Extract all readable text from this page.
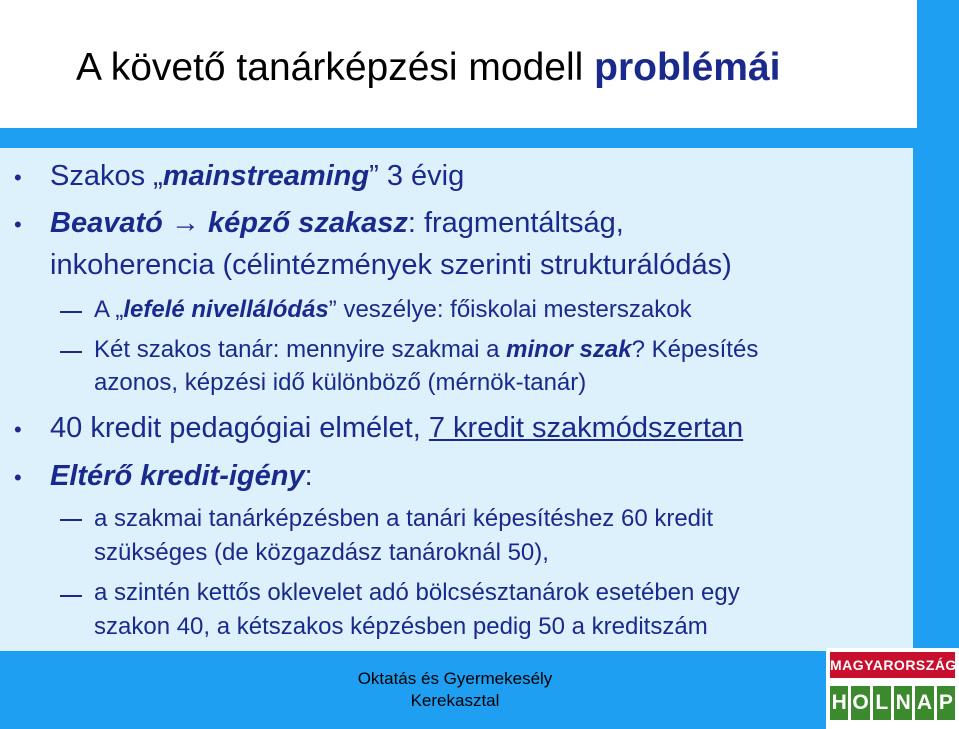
A követő tanárképzési modell problémái
• Szakos „mainstreaming” 3 évig
• Beavató → képző szakasz: fragmentáltság,
inkoherencia (célintézmények szerinti strukturálódás)
A „lefelé nivellálódás” veszélye: főiskolai mesterszakok
Két szakos tanár: mennyire szakmai a minor szak? Képesítés
azonos, képzési idő különböző (mérnök-tanár)
• 40 kredit pedagógiai elmélet, 7 kredit szakmódszertan
• Eltérő kredit-igény:
a szakmai tanárképzésben a tanári képesítéshez 60 kredit
szükséges (de közgazdász tanároknál 50),
a szintén kettős oklevelet adó bölcsésztanárok esetében egy
szakon 40, a kétszakos képzésben pedig 50 a kreditszám
Oktatás és Gyermekesély
Kerekasztal
MAGYARORSZÁG
H O L N A P
